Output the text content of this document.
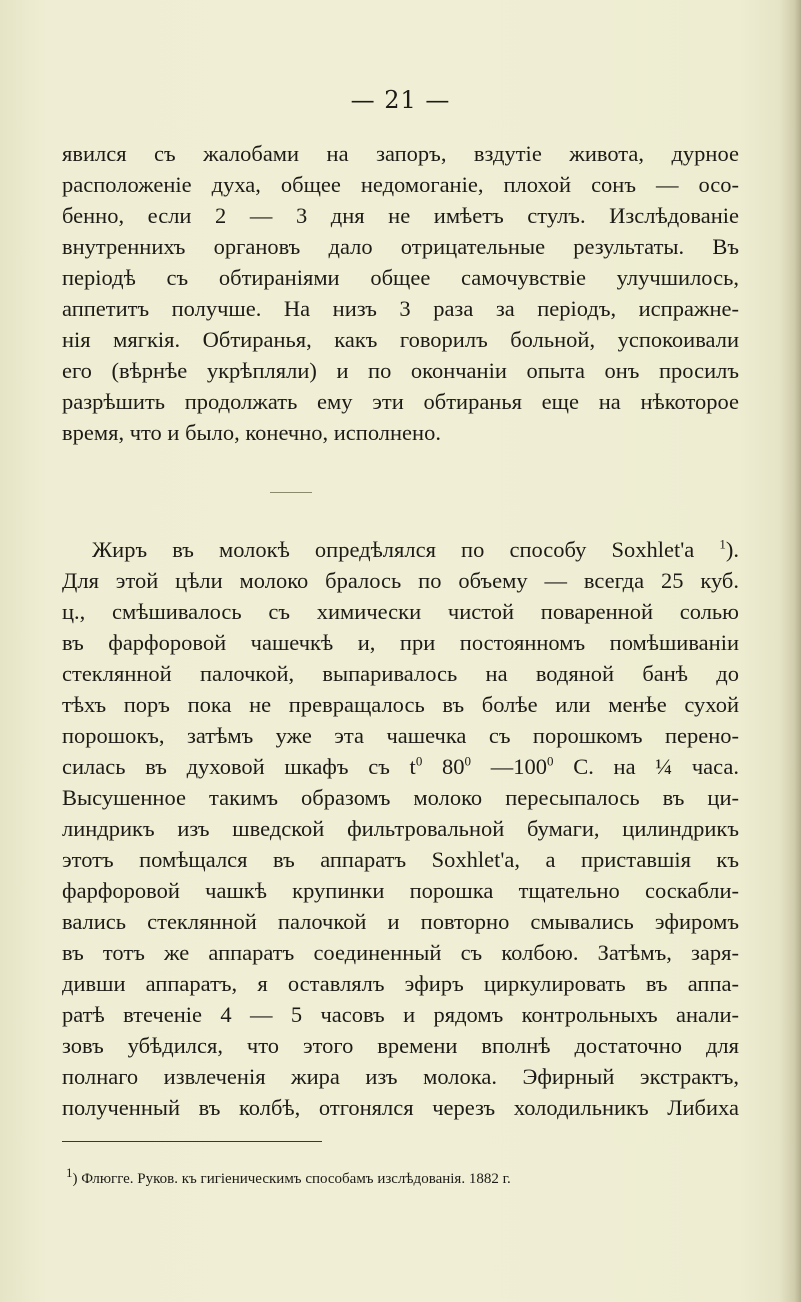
— 21 —
явился съ жалобами на запоръ, вздутіе живота, дурное
расположеніе духа, общее недомоганіе, плохой сонъ — осо-
бенно, если 2 — 3 дня не имѣетъ стулъ. Изслѣдованіе
внутреннихъ органовъ дало отрицательные результаты. Въ
періодѣ съ обтираніями общее самочувствіе улучшилось,
аппетитъ получше. На низъ 3 раза за періодъ, испражне-
нія мягкія. Обтиранья, какъ говорилъ больной, успокоивали
его (вѣрнѣе укрѣпляли) и по окончаніи опыта онъ просилъ
разрѣшить продолжать ему эти обтиранья еще на нѣкоторое
время, что и было, конечно, исполнено.
Жиръ въ молокѣ опредѣлялся по способу Soxhlet'a $^1$).
Для этой цѣли молоко бралось по объему — всегда 25 куб.
ц., смѣшивалось съ химически чистой поваренной солью
въ фарфоровой чашечкѣ и, при постоянномъ помѣшиваніи
стеклянной палочкой, выпаривалось на водяной банѣ до
тѣхъ поръ пока не превращалось въ болѣе или менѣе сухой
порошокъ, затѣмъ уже эта чашечка съ порошкомъ перено-
силась въ духовой шкафъ съ $t^0$ $80^0$ $—100^0$ C. на ¼ часа.
Высушенное такимъ образомъ молоко пересыпалось въ ци-
линдрикъ изъ шведской фильтровальной бумаги, цилиндрикъ
этотъ помѣщался въ аппаратъ Soxhlet'a, а приставшія къ
фарфоровой чашкѣ крупинки порошка тщательно соскабли-
вались стеклянной палочкой и повторно смывались эфиромъ
въ тотъ же аппаратъ соединенный съ колбою. Затѣмъ, заря-
дивши аппаратъ, я оставлялъ эфиръ циркулировать въ аппа-
ратѣ втеченіе 4 — 5 часовъ и рядомъ контрольныхъ анали-
зовъ убѣдился, что этого времени вполнѣ достаточно для
полнаго извлеченія жира изъ молока. Эфирный экстрактъ,
полученный въ колбѣ, отгонялся черезъ холодильникъ Либиха
$^1$) Флюгге. Руков. къ гигіеническимъ способамъ изслѣдованія. 1882 г.
